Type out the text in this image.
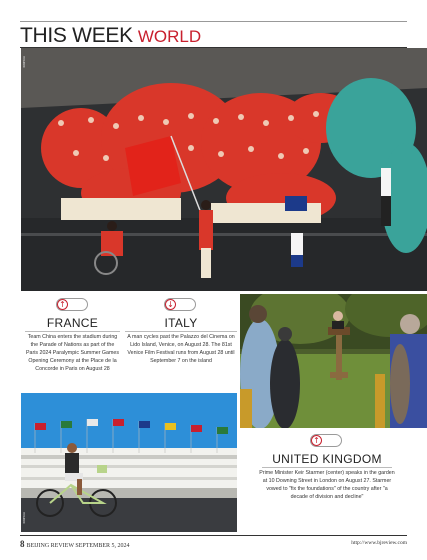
THIS WEEK WORLD
XINHUA
↑
FRANCE
Team China enters the stadium during the Parade of Nations as part of the Paris 2024 Paralympic Summer Games Opening Ceremony at the Place de la Concorde in Paris on August 28
↓
ITALY
A man cycles past the Palazzo del Cinema on Lido Island, Venice, on August 28. The 81st Venice Film Festival runs from August 28 until September 7 on the island
XINHUA
↑
UNITED KINGDOM
Prime Minister Keir Starmer (center) speaks in the garden at 10 Downing Street in London on August 27. Starmer vowed to "fix the foundations" of the country after "a decade of division and decline"
8 BEIJING REVIEW SEPTEMBER 5, 2024	http://www.bjreview.com
